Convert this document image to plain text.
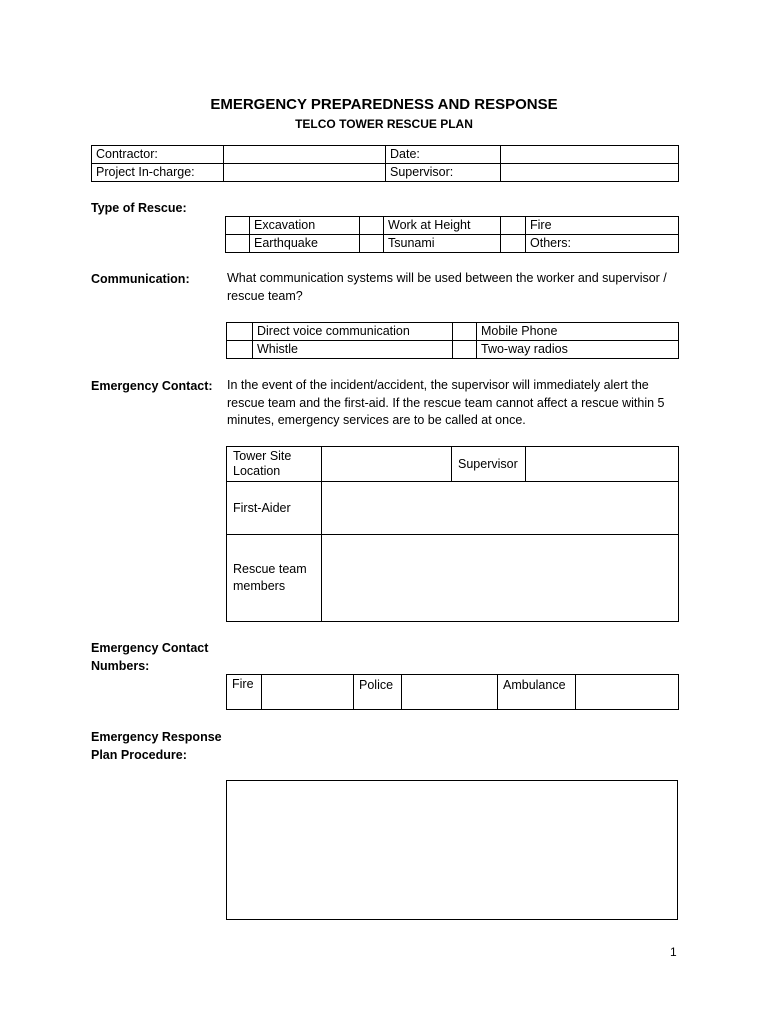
EMERGENCY PREPAREDNESS AND RESPONSE
TELCO TOWER RESCUE PLAN
Contractor:		Date:	
Project In-charge:		Supervisor:	
Type of Rescue:
	Excavation		Work at Height		Fire
	Earthquake		Tsunami		Others:
Communication:	What communication systems will be used between the worker and supervisor / rescue team?
	Direct voice communication		Mobile Phone
	Whistle		Two-way radios
Emergency Contact: In the event of the incident/accident, the supervisor will immediately alert the rescue team and the first-aid. If the rescue team cannot affect a rescue within 5 minutes, emergency services are to be called at once.
Tower Site Location		Supervisor	
First-Aider			
Rescue team members			
Emergency Contact Numbers:
Fire		Police		Ambulance	
Emergency Response Plan Procedure:
1
